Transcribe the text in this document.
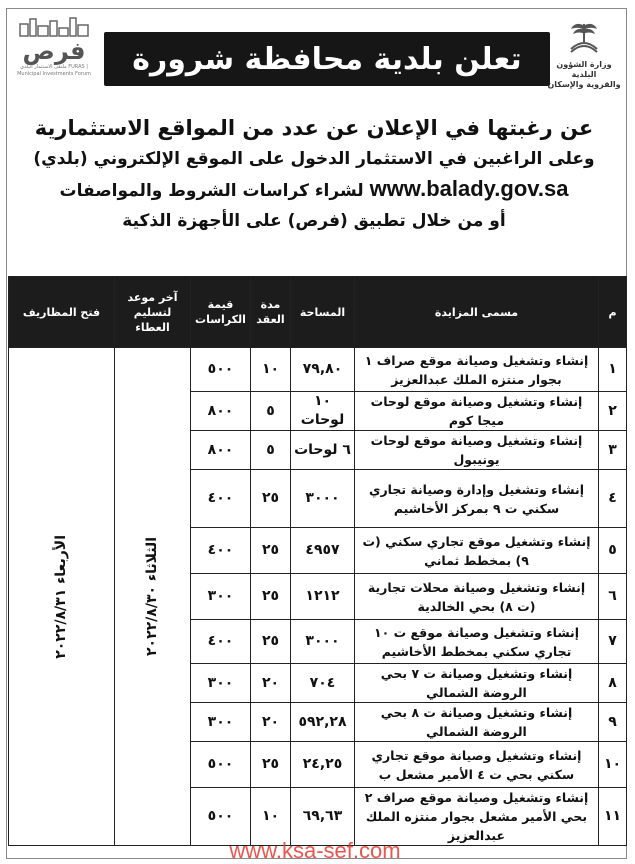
فرص
ملتقى الاستثمار البلدي FURAS | Municipal Investments Forum تعلن بلدية محافظة شرورة	وزارة الشؤون البلدية
والقروية والإسكان
عن رغبتها في الإعلان عن عدد من المواقع الاستثمارية
وعلى الراغبين في الاستثمار الدخول على الموقع الإلكتروني (بلدي)
www.balady.gov.sa لشراء كراسات الشروط والمواصفات
أو من خلال تطبيق (فرص) على الأجهزة الذكية
م	مسمى المزايدة	المساحة	مدة العقد	قيمة الكراسات	آخر موعد لتسليم العطاء	فتح المظاريف
١	إنشاء وتشغيل وصيانة موقع صراف ١ بجوار منتزه الملك عبدالعزيز	٧٩,٨٠	١٠	٥٠٠	الثلاثاء ٢٠٢٢/٨/٣٠	الأربعاء ٢٠٢٢/٨/٣١

٢	إنشاء وتشغيل وصيانة موقع لوحات ميجا كوم	١٠ لوحات	٥	٨٠٠		
٣	إنشاء وتشغيل وصيانة موقع لوحات يونيبول	٦ لوحات	٥	٨٠٠		
٤	إنشاء وتشغيل وإدارة وصيانة تجاري سكني ت ٩ بمركز الأخاشيم	٣٠٠٠	٢٥	٤٠٠		
٥	إنشاء وتشغيل موقع تجاري سكني (ت ٩) بمخطط ثماني	٤٩٥٧	٢٥	٤٠٠		
٦	إنشاء وتشغيل وصيانة محلات تجارية (ت ٨) بحي الخالدية	١٢١٢	٢٥	٣٠٠		
٧	إنشاء وتشغيل وصيانة موقع ت ١٠ تجاري سكني بمخطط الأخاشيم	٣٠٠٠	٢٥	٤٠٠		
٨	إنشاء وتشغيل وصيانة ت ٧ بحي الروضة الشمالي	٧٠٤	٢٠	٣٠٠		
٩	إنشاء وتشغيل وصيانة ت ٨ بحي الروضة الشمالي	٥٩٢,٢٨	٢٠	٣٠٠		
١٠	إنشاء وتشغيل وصيانة موقع تجاري سكني بحي ت ٤ الأمير مشعل ب	٢٤,٢٥	٢٥	٥٠٠		
١١	إنشاء وتشغيل وصيانة موقع صراف ٢ بحي الأمير مشعل بجوار منتزه الملك عبدالعزيز	٦٩,٦٣	١٠	٥٠٠		
www.ksa-sef.com
